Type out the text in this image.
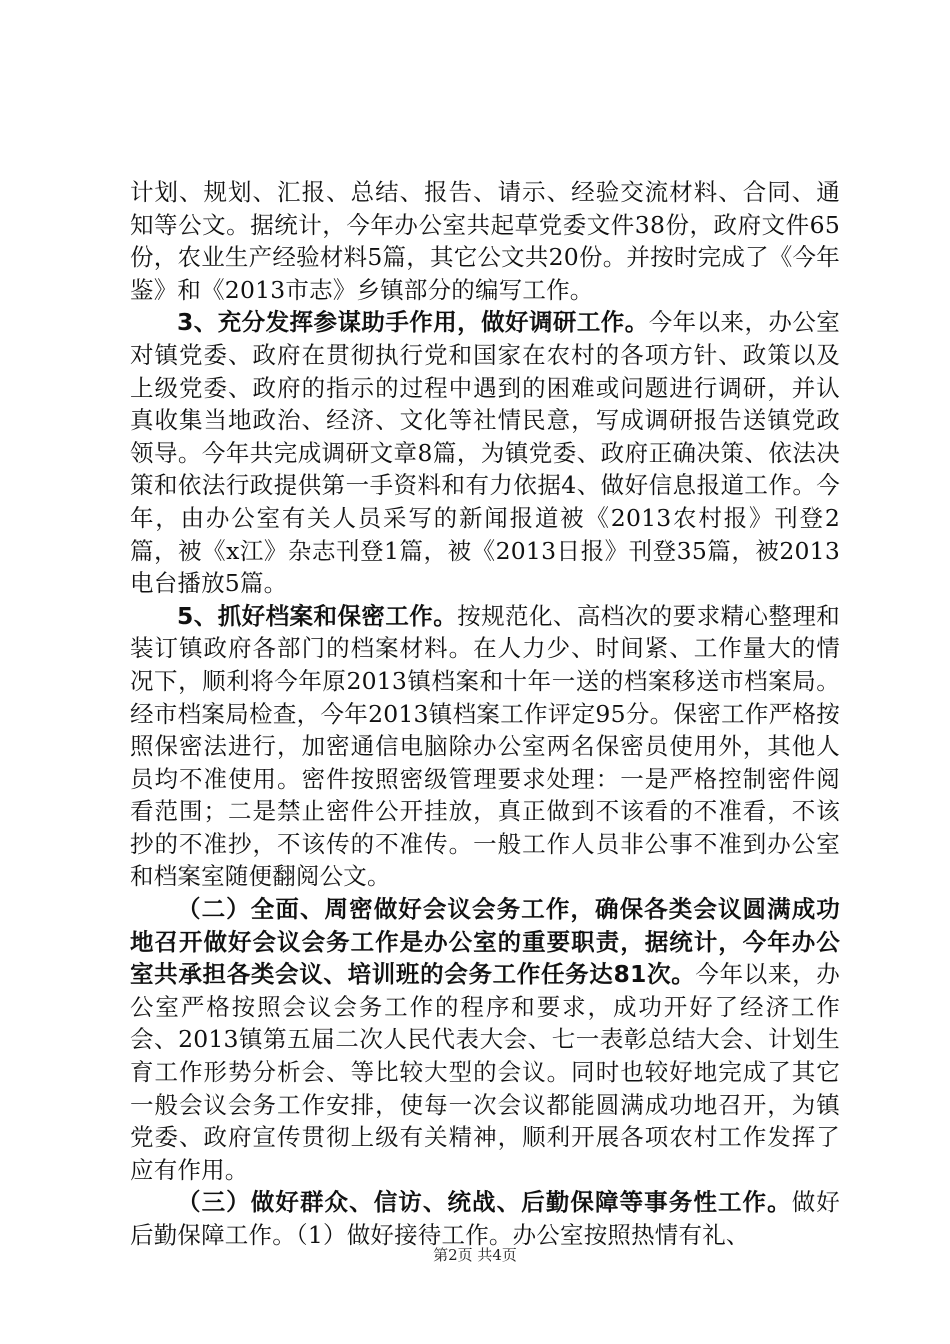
计划、规划、汇报、总结、报告、请示、经验交流材料、合同、通知等公文。据统计，今年办公室共起草党委文件38份，政府文件65份，农业生产经验材料5篇，其它公文共20份。并按时完成了《今年鉴》和《2013市志》乡镇部分的编写工作。

3、充分发挥参谋助手作用，做好调研工作。今年以来，办公室对镇党委、政府在贯彻执行党和国家在农村的各项方针、政策以及上级党委、政府的指示的过程中遇到的困难或问题进行调研，并认真收集当地政治、经济、文化等社情民意，写成调研报告送镇党政领导。今年共完成调研文章8篇，为镇党委、政府正确决策、依法决策和依法行政提供第一手资料和有力依据4、做好信息报道工作。今年，由办公室有关人员采写的新闻报道被《2013农村报》刊登2篇，被《x江》杂志刊登1篇，被《2013日报》刊登35篇，被2013电台播放5篇。

5、抓好档案和保密工作。按规范化、高档次的要求精心整理和装订镇政府各部门的档案材料。在人力少、时间紧、工作量大的情况下，顺利将今年原2013镇档案和十年一送的档案移送市档案局。经市档案局检查，今年2013镇档案工作评定95分。保密工作严格按照保密法进行，加密通信电脑除办公室两名保密员使用外，其他人员均不准使用。密件按照密级管理要求处理：一是严格控制密件阅看范围；二是禁止密件公开挂放，真正做到不该看的不准看，不该抄的不准抄，不该传的不准传。一般工作人员非公事不准到办公室和档案室随便翻阅公文。

（二）全面、周密做好会议会务工作，确保各类会议圆满成功地召开做好会议会务工作是办公室的重要职责，据统计，今年办公室共承担各类会议、培训班的会务工作任务达81次。今年以来，办公室严格按照会议会务工作的程序和要求，成功开好了经济工作会、2013镇第五届二次人民代表大会、七一表彰总结大会、计划生育工作形势分析会、等比较大型的会议。同时也较好地完成了其它一般会议会务工作安排，使每一次会议都能圆满成功地召开，为镇党委、政府宣传贯彻上级有关精神，顺利开展各项农村工作发挥了应有作用。

（三）做好群众、信访、统战、后勤保障等事务性工作。做好后勤保障工作。（1）做好接待工作。办公室按照热情有礼、

第2页 共4页
